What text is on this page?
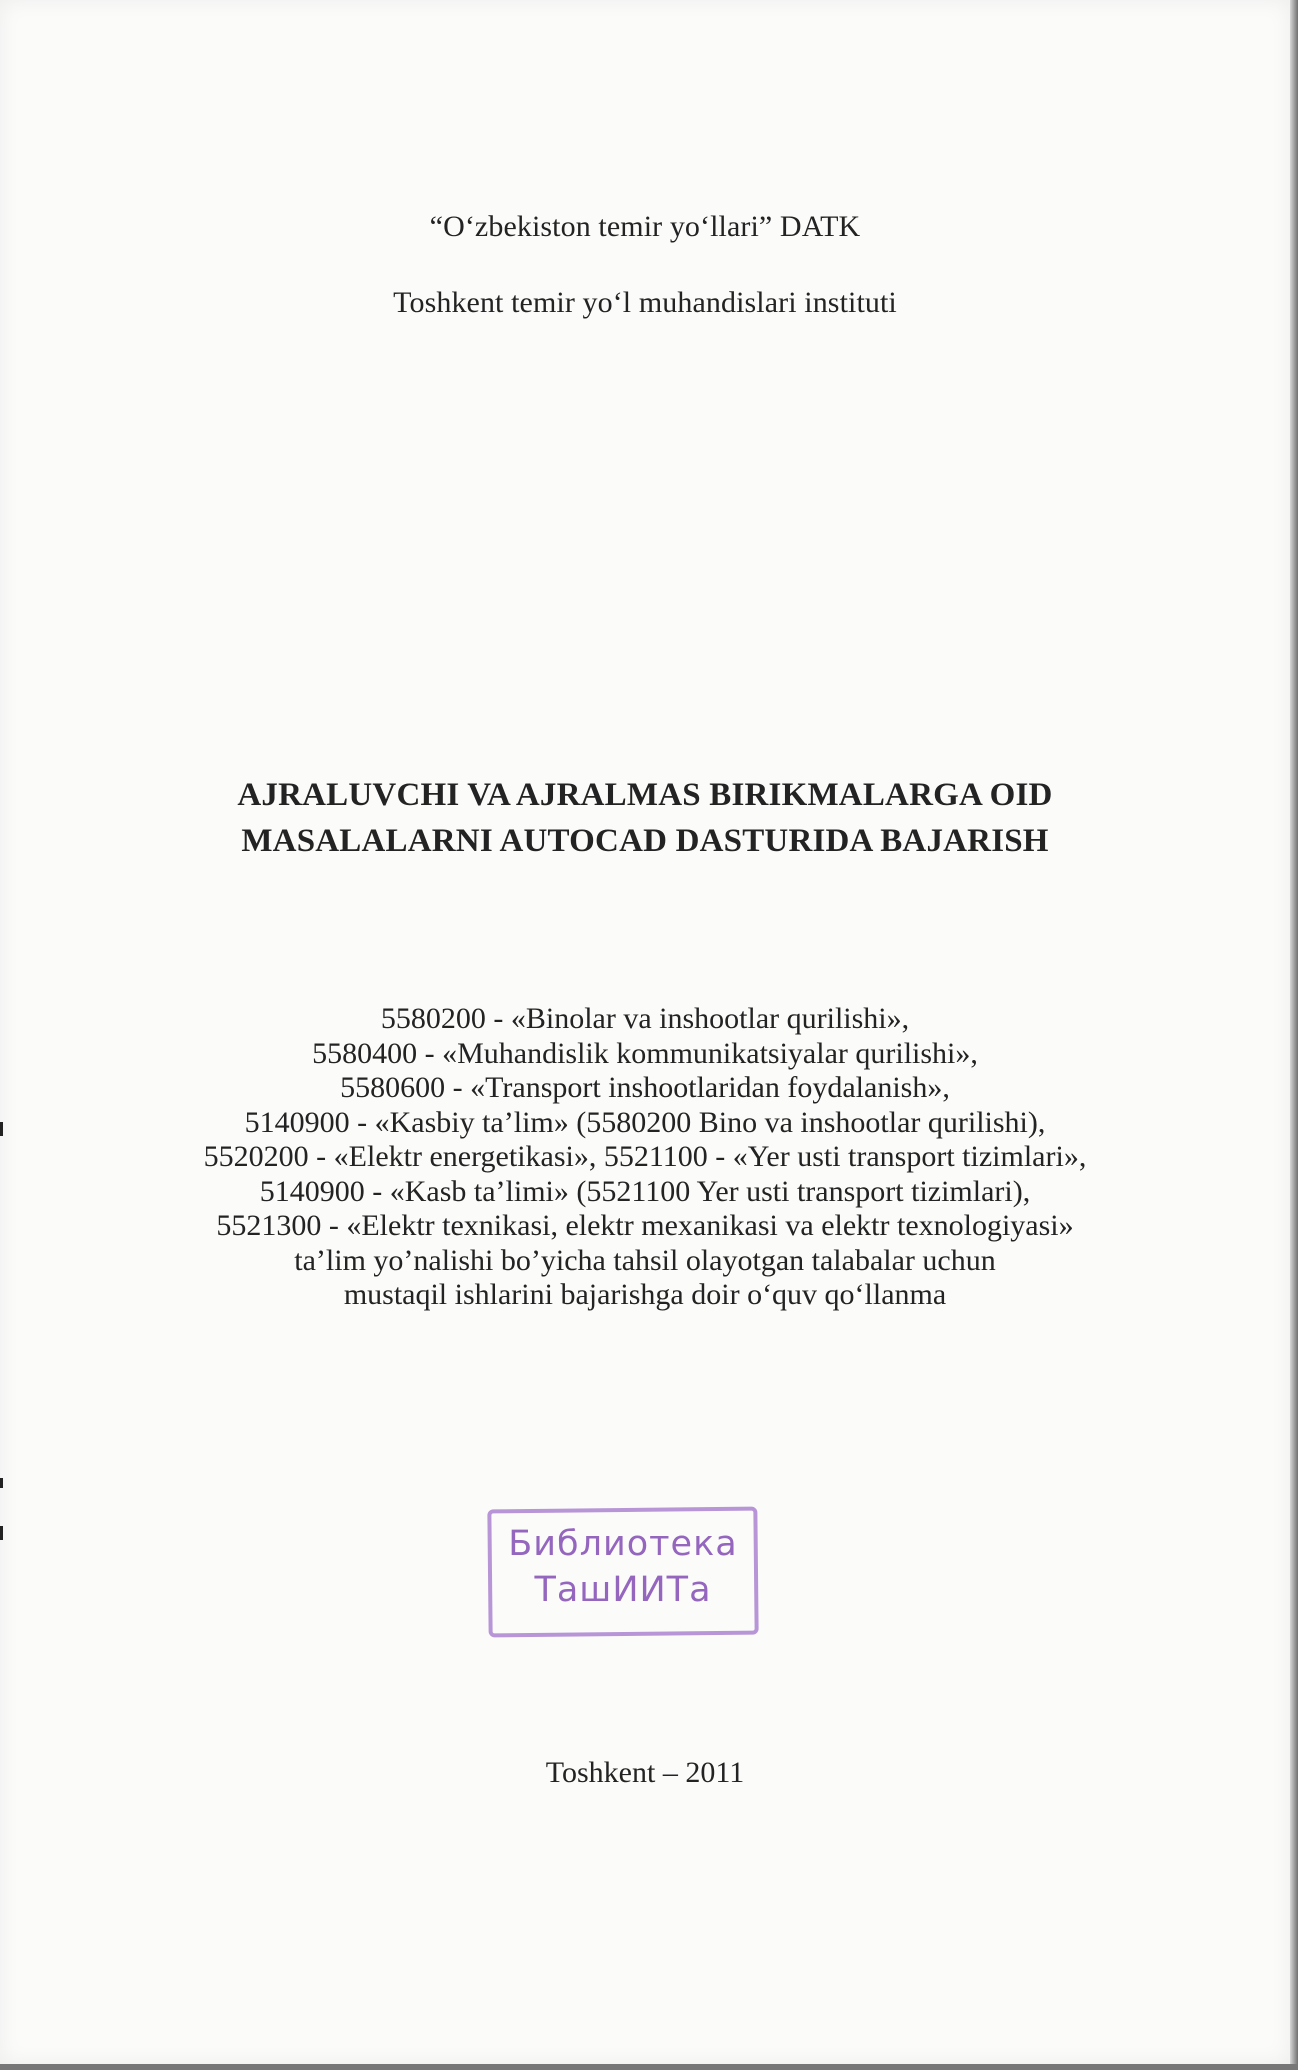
“O‘zbekiston temir yo‘llari” DATK
Toshkent temir yo‘l muhandislari instituti
AJRALUVCHI VA AJRALMAS BIRIKMALARGA OID
MASALALARNI AUTOCAD DASTURIDA BAJARISH
5580200 - «Binolar va inshootlar qurilishi»,
5580400 - «Muhandislik kommunikatsiyalar qurilishi»,
5580600 - «Transport inshootlaridan foydalanish»,
5140900 - «Kasbiy ta’lim» (5580200 Bino va inshootlar qurilishi),
5520200 - «Elektr energetikasi», 5521100 - «Yer usti transport tizimlari»,
5140900 - «Kasb ta’limi» (5521100 Yer usti transport tizimlari),
5521300 - «Elektr texnikasi, elektr mexanikasi va elektr texnologiyasi»
ta’lim yo’nalishi bo’yicha tahsil olayotgan talabalar uchun
mustaqil ishlarini bajarishga doir o‘quv qo‘llanma
Библиотека
ТашИИТа
Toshkent – 2011
